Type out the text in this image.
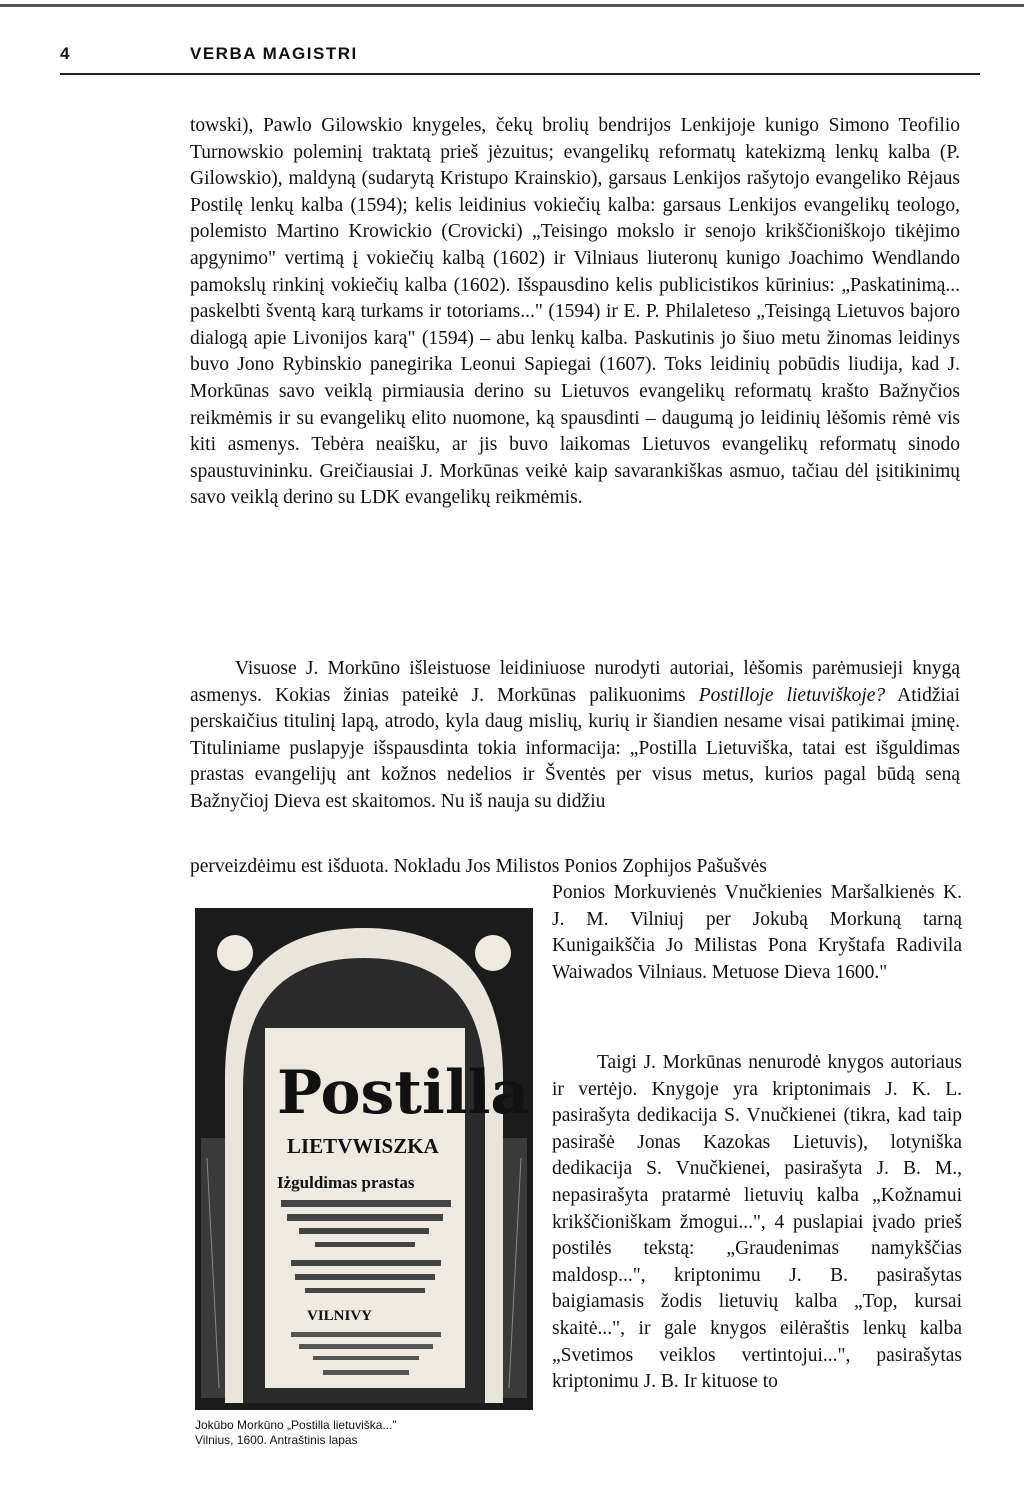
4	VERBA MAGISTRI

towski), Pawlo Gilowskio knygeles, čekų brolių bendrijos Lenkijoje kunigo Simono Teofilio Turnowskio poleminį traktatą prieš jėzuitus; evangelikų reformatų katekizmą lenkų kalba (P. Gilowskio), maldyną (sudarytą Kristupo Krainskio), garsaus Lenkijos rašytojo evangeliko Rėjaus Postilę lenkų kalba (1594); kelis leidinius vokiečių kalba: garsaus Lenkijos evangelikų teologo, polemisto Martino Krowickio (Crovicki) „Teisingo mokslo ir senojo krikščioniškojo tikėjimo apgynimo" vertimą į vokiečių kalbą (1602) ir Vilniaus liuteronų kunigo Joachimo Wendlando pamokslų rinkinį vokiečių kalba (1602). Išspausdino kelis publicistikos kūrinius: „Paskatinimą... paskelbti šventą karą turkams ir totoriams..." (1594) ir E. P. Philaleteso „Teisingą Lietuvos bajoro dialogą apie Livonijos karą" (1594) – abu lenkų kalba. Paskutinis jo šiuo metu žinomas leidinys buvo Jono Rybinskio panegirika Leonui Sapiegai (1607). Toks leidinių pobūdis liudija, kad J. Morkūnas savo veiklą pirmiausia derino su Lietuvos evangelikų reformatų krašto Bažnyčios reikmėmis ir su evangelikų elito nuomone, ką spausdinti – daugumą jo leidinių lėšomis rėmė vis kiti asmenys. Tebėra neaišku, ar jis buvo laikomas Lietuvos evangelikų reformatų sinodo spaustuvininku. Greičiausiai J. Morkūnas veikė kaip savarankiškas asmuo, tačiau dėl įsitikinimų savo veiklą derino su LDK evangelikų reikmėmis.

Visuose J. Morkūno išleistuose leidiniuose nurodyti autoriai, lėšomis parėmusieji knygą asmenys. Kokias žinias pateikė J. Morkūnas palikuonims Postilloje lietuviškoje? Atidžiai perskaičius titulinį lapą, atrodo, kyla daug mislių, kurių ir šiandien nesame visai patikimai įminę. Tituliniame puslapyje išspausdinta tokia informacija: „Postilla Lietuviška, tatai est išguldimas prastas evangelijų ant kožnos nedelios ir Šventės per visus metus, kurios pagal būdą seną Bažnyčioj Dieva est skaitomos. Nu iš nauja su didžiu

perveizdėimu est išduota. Nokladu Jos Milistos Ponios Zophijos Pašušvės

Ponios Morkuvienės Vnučkienies Maršalkienės K. J. M. Vilniuj per Jokubą Morkuną tarną Kunigaikščia Jo Milistas Pona Kryštafa Radivila Waiwados Vilniaus. Metuose Dieva 1600."

Taigi J. Morkūnas nenurodė knygos autoriaus ir vertėjo. Knygoje yra kriptonimais J. K. L. pasirašyta dedikacija S. Vnučkienei (tikra, kad taip pasirašė Jonas Kazokas Lietuvis), lotyniška dedikacija S. Vnučkienei, pasirašyta J. B. M., nepasirašyta pratarmė lietuvių kalba „Kožnamui krikščioniškam žmogui...", 4 puslapiai įvado prieš postilės tekstą: „Graudenimas namykščias maldosp...", kriptonimu J. B. pasirašytas baigiamasis žodis lietuvių kalba „Top, kursai skaitė...", ir gale knygos eilėraštis lenkų kalba „Svetimos veiklos vertintojui...", pasirašytas kriptonimu J. B. Ir kituose to

Postilla
LIETVWISZKA
Iżguldimas prastas
VILNIVY
Jokūbo Morkūno „Postilla lietuviška..."
Vilnius, 1600. Antraštinis lapas
